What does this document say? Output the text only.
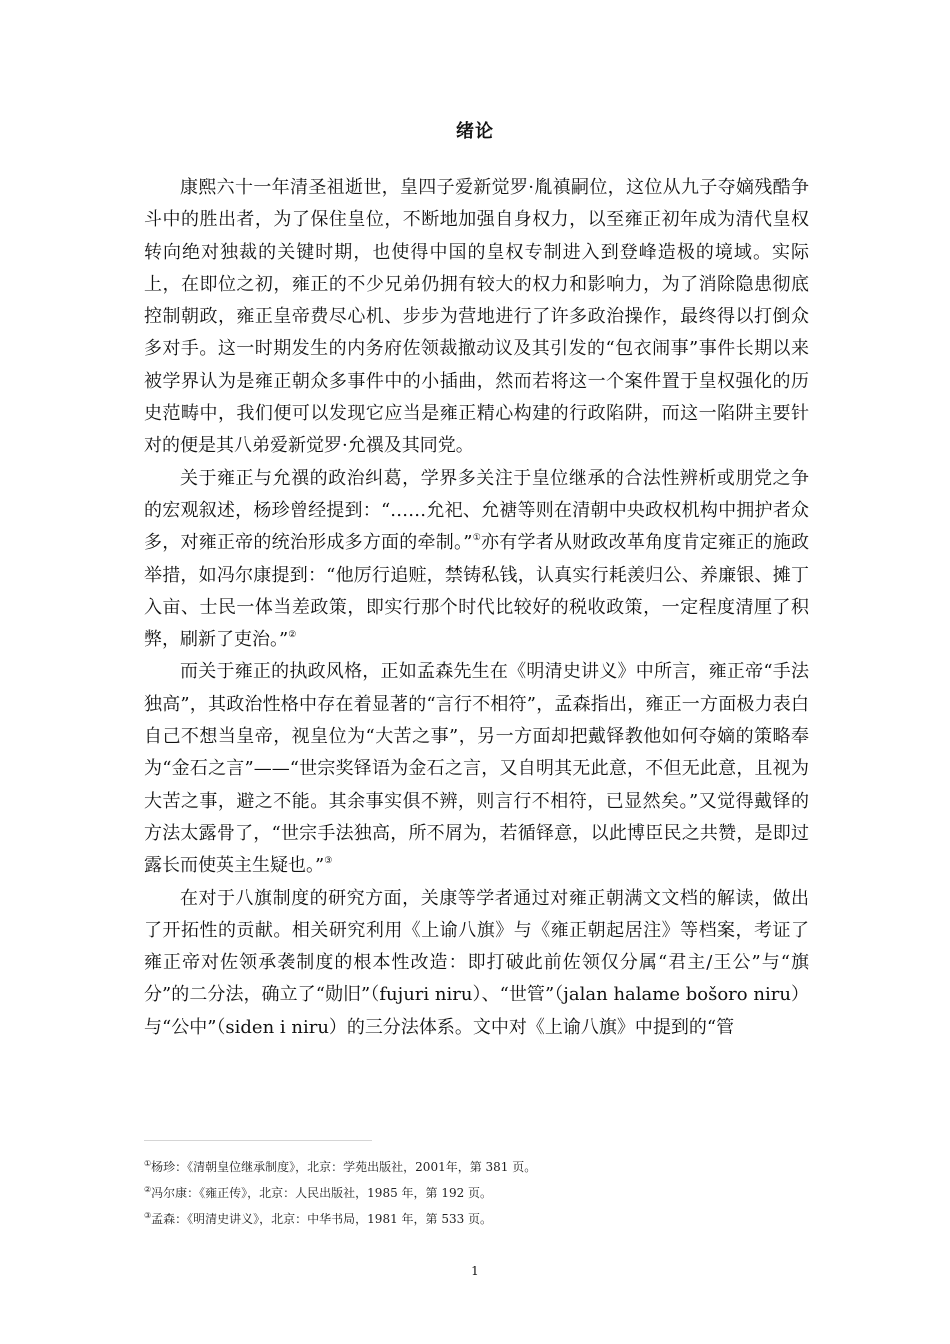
绪论

康熙六十一年清圣祖逝世，皇四子爱新觉罗·胤禛嗣位，这位从九子夺嫡残酷争斗中的胜出者，为了保住皇位，不断地加强自身权力，以至雍正初年成为清代皇权转向绝对独裁的关键时期，也使得中国的皇权专制进入到登峰造极的境域。实际上，在即位之初，雍正的不少兄弟仍拥有较大的权力和影响力，为了消除隐患彻底控制朝政，雍正皇帝费尽心机、步步为营地进行了许多政治操作，最终得以打倒众多对手。这一时期发生的内务府佐领裁撤动议及其引发的“包衣闹事”事件长期以来被学界认为是雍正朝众多事件中的小插曲，然而若将这一个案件置于皇权强化的历史范畴中，我们便可以发现它应当是雍正精心构建的行政陷阱，而这一陷阱主要针对的便是其八弟爱新觉罗·允禩及其同党。

关于雍正与允禩的政治纠葛，学界多关注于皇位继承的合法性辨析或朋党之争的宏观叙述，杨珍曾经提到：“……允祀、允禟等则在清朝中央政权机构中拥护者众多，对雍正帝的统治形成多方面的牵制。”①亦有学者从财政改革角度肯定雍正的施政举措，如冯尔康提到：“他厉行追赃，禁铸私钱，认真实行耗羡归公、养廉银、摊丁入亩、士民一体当差政策，即实行那个时代比较好的税收政策，一定程度清厘了积弊，刷新了吏治。”②

而关于雍正的执政风格，正如孟森先生在《明清史讲义》中所言，雍正帝“手法独高”，其政治性格中存在着显著的“言行不相符”，孟森指出，雍正一方面极力表白自己不想当皇帝，视皇位为“大苦之事”，另一方面却把戴铎教他如何夺嫡的策略奉为“金石之言”——“世宗奖铎语为金石之言，又自明其无此意，不但无此意，且视为大苦之事，避之不能。其余事实俱不辨，则言行不相符，已显然矣。”又觉得戴铎的方法太露骨了，“世宗手法独高，所不屑为，若循铎意，以此博臣民之共赞，是即过露长而使英主生疑也。”③

在对于八旗制度的研究方面，关康等学者通过对雍正朝满文文档的解读，做出了开拓性的贡献。相关研究利用《上谕八旗》与《雍正朝起居注》等档案，考证了雍正帝对佐领承袭制度的根本性改造：即打破此前佐领仅分属“君主/王公”与“旗分”的二分法，确立了“勋旧”（fujuri niru）、“世管”（jalan halame bošoro niru）与“公中”（siden i niru）的三分法体系。文中对《上谕八旗》中提到的“管

①杨珍：《清朝皇位继承制度》，北京：学苑出版社，2001年，第 381 页。
②冯尔康：《雍正传》，北京：人民出版社，1985 年，第 192 页。
③孟森：《明清史讲义》，北京：中华书局，1981 年，第 533 页。
1
